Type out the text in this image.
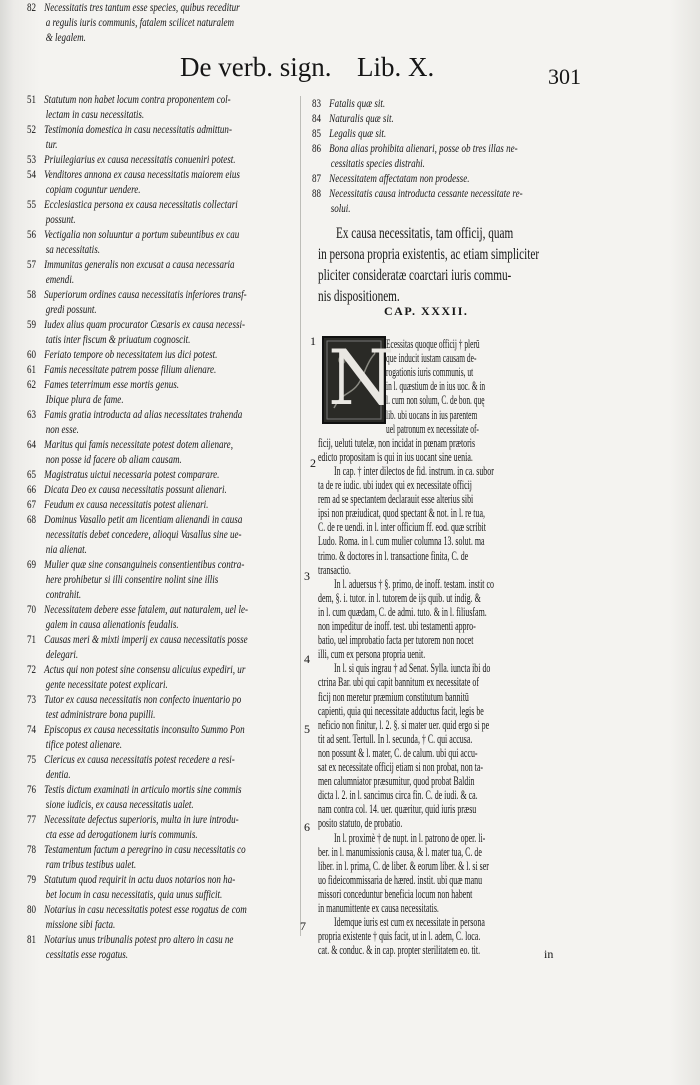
De verb. sign. Lib. X.	301
51 Statutum non habet locum contra proponentem col-
lectam in casu necessitatis.
52 Testimonia domestica in casu necessitatis admittun-
tur.
53 Priuilegiarius ex causa necessitatis conueniri potest.
54 Venditores annona ex causa necessitatis maiorem eius
copiam coguntur uendere.
55 Ecclesiastica persona ex causa necessitatis collectari
possunt.
56 Vectigalia non soluuntur a portum subeuntibus ex cau
sa necessitatis.
57 Immunitas generalis non excusat a causa necessaria
emendi.
58 Superiorum ordines causa necessitatis inferiores transf-
gredi possunt.
59 Iudex alius quam procurator Cæsaris ex causa necessi-
tatis inter fiscum & priuatum cognoscit.
60 Feriato tempore ob necessitatem ius dici potest.
61 Famis necessitate patrem posse filium alienare.
62 Fames teterrimum esse mortis genus.
Ibique plura de fame.
63 Famis gratia introducta ad alias necessitates trahenda
non esse.
64 Maritus qui famis necessitate potest dotem alienare,
non posse id facere ob aliam causam.
65 Magistratus uictui necessaria potest comparare.
66 Dicata Deo ex causa necessitatis possunt alienari.
67 Feudum ex causa necessitatis potest alienari.
68 Dominus Vasallo petit am licentiam alienandi in causa
necessitatis debet concedere, alioqui Vasallus sine ue-
nia alienat.
69 Mulier quæ sine consanguineis consentientibus contra-
here prohibetur si illi consentire nolint sine illis
contrahit.
70 Necessitatem debere esse fatalem, aut naturalem, uel le-
galem in causa alienationis feudalis.
71 Causas meri & mixti imperij ex causa necessitatis posse
delegari.
72 Actus qui non potest sine consensu alicuius expediri, ur
gente necessitate potest explicari.
73 Tutor ex causa necessitatis non confecto inuentario po
test administrare bona pupilli.
74 Episcopus ex causa necessitatis inconsulto Summo Pon
tifice potest alienare.
75 Clericus ex causa necessitatis potest recedere a resi-
dentia.
76 Testis dictum examinati in articulo mortis sine commis
sione iudicis, ex causa necessitatis ualet.
77 Necessitate defectus superioris, multa in iure introdu-
cta esse ad derogationem iuris communis.
78 Testamentum factum a peregrino in casu necessitatis co
ram tribus testibus ualet.
79 Statutum quod requirit in actu duos notarios non ha-
bet locum in casu necessitatis, quia unus sufficit.
80 Notarius in casu necessitatis potest esse rogatus de com
missione sibi facta.
81 Notarius unus tribunalis potest pro altero in casu ne
cessitatis esse rogatus.
82 Necessitatis tres tantum esse species, quibus receditur
a regulis iuris communis, fatalem scilicet naturalem
& legalem.
83 Fatalis quæ sit.
84 Naturalis quæ sit.
85 Legalis quæ sit.
86 Bona alias prohibita alienari, posse ob tres illas ne-
cessitatis species distrahi.
87 Necessitatem affectatam non prodesse.
88 Necessitatis causa introducta cessante necessitate re-
solui.
Ex causa necessitatis, tam officij, quam
in persona propria existentis, ac etiam simpliciter
pliciter consideratæ coarctari iuris commu-
nis dispositionem.
CAP. XXXII.
N
Ecessitas quoque officij † plerū
que inducit iustam causam de-
rogationis iuris communis, ut
in l. quæstium de in ius uoc. & in
l. cum non solum, C. de bon. quę
lib. ubi uocans in ius parentem
uel patronum ex necessitate of-
ficij, ueluti tutelæ, non incidat in pœnam prætoris
edicto propositam is qui in ius uocant sine uenia.
In cap. † inter dilectos de fid. instrum. in ca. subor
ta de re iudic. ubi iudex qui ex necessitate officij
rem ad se spectantem declarauit esse alterius sibi
ipsi non præiudicat, quod spectant & not. in l. re tua,
C. de re uendi. in l. inter officium ff. eod. quæ scribit
Ludo. Roma. in l. cum mulier columna 13. solut. ma
trimo. & doctores in l. transactione finita, C. de
transactio.
In l. aduersus † §. primo, de inoff. testam. instit co
dem, §. i. tutor. in l. tutorem de ijs quib. ut indig. &
in l. cum quædam, C. de admi. tuto. & in l. filiusfam.
non impeditur de inoff. test. ubi testamenti appro-
batio, uel improbatio facta per tutorem non nocet
illi, cum ex persona propria uenit.
In l. si quis ingrau † ad Senat. Sylla. iuncta ibi do
ctrina Bar. ubi qui capit bannitum ex necessitate of
ficij non meretur præmium constitutum bannitū
capienti, quia qui necessitate adductus facit, legis be
neficio non finitur, l. 2. §. si mater uer. quid ergo si pe
tit ad sent. Tertull. In l. secunda, † C. qui accusa.
non possunt & l. mater, C. de calum. ubi qui accu-
sat ex necessitate officij etiam si non probat, non ta-
men calumniator præsumitur, quod probat Baldin
dicta l. 2. in l. sancimus circa fin. C. de iudi. & ca.
nam contra col. 14. uer. quæritur, quid iuris præsu
posito statuto, de probatio.
In l. proximè † de nupt. in l. patrono de oper. li-
ber. in l. manumissionis causa, & l. mater tua, C. de
liber. in l. prima, C. de liber. & eorum liber. & l. si ser
uo fideicommissaria de hæred. instit. ubi quæ manu
missori conceduntur beneficia locum non habent
in manumittente ex causa necessitatis.
Idemque iuris est cum ex necessitate in persona
propria existente † quis facit, ut in l. adem, C. loca.
cat. & conduc. & in cap. propter sterilitatem eo. tit.
1
2
3
4
5
6
7
in
